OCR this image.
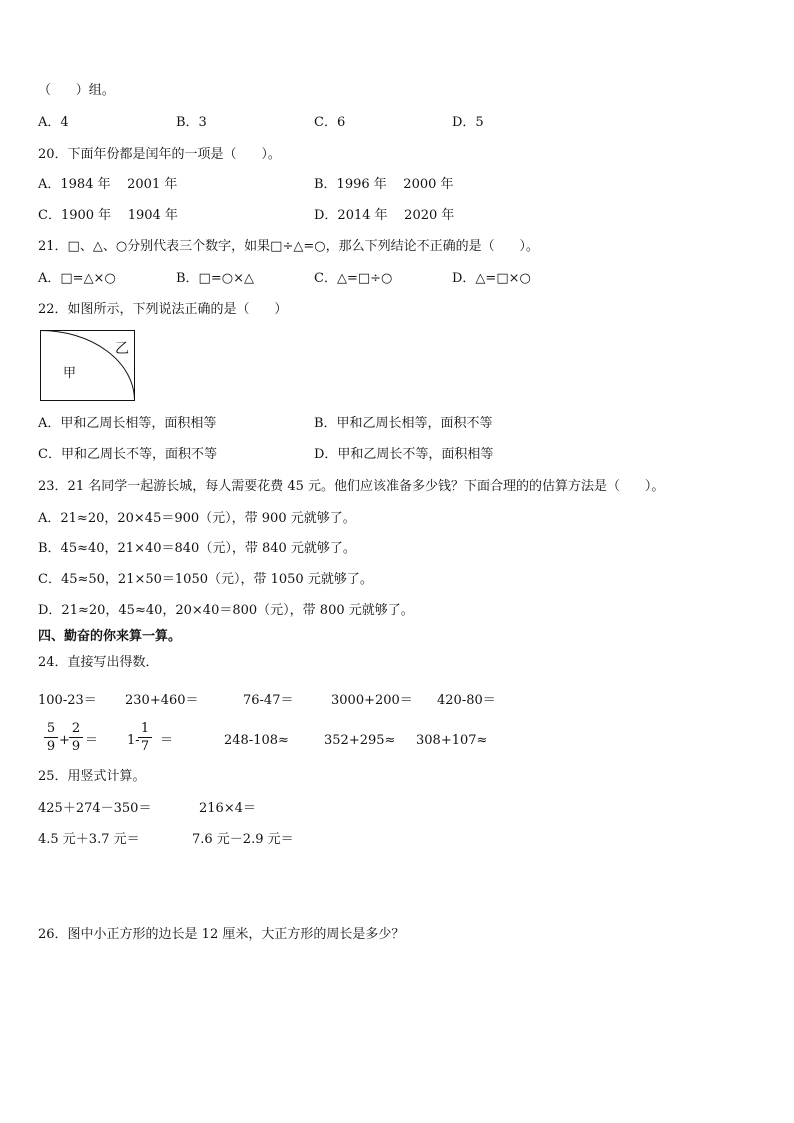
（      ）组。
A．4	B．3	C．6	D．5
20．下面年份都是闰年的一项是（      ）。
A．1984 年    2001 年	B．1996 年    2000 年
C．1900 年    1904 年	D．2014 年    2020 年
21．□、△、○分别代表三个数字，如果□÷△=○，那么下列结论不正确的是（      ）。
A．□=△×○	B．□=○×△	C．△=□÷○	D．△=□×○
22．如图所示，下列说法正确的是（      ）
乙
甲
A．甲和乙周长相等，面积相等	B．甲和乙周长相等，面积不等
C．甲和乙周长不等，面积不等	D．甲和乙周长不等，面积相等
23．21 名同学一起游长城，每人需要花费 45 元。他们应该准备多少钱？下面合理的的估算方法是（      ）。
A．21≈20，20×45＝900（元），带 900 元就够了。
B．45≈40，21×40＝840（元），带 840 元就够了。
C．45≈50，21×50＝1050（元），带 1050 元就够了。
D．21≈20，45≈40，20×40＝800（元），带 800 元就够了。
四、勤奋的你来算一算。
24．直接写出得数．
100-23＝ 230+460＝	76-47＝	3000+200＝ 420-80＝
5
9 +
2
9 ＝ 1-
1
7 ＝	248-108≈	352+295≈ 308+107≈
25．用竖式计算。
425＋274－350＝	216×4＝
4.5 元＋3.7 元＝	7.6 元－2.9 元＝
26．图中小正方形的边长是 12 厘米，大正方形的周长是多少？
